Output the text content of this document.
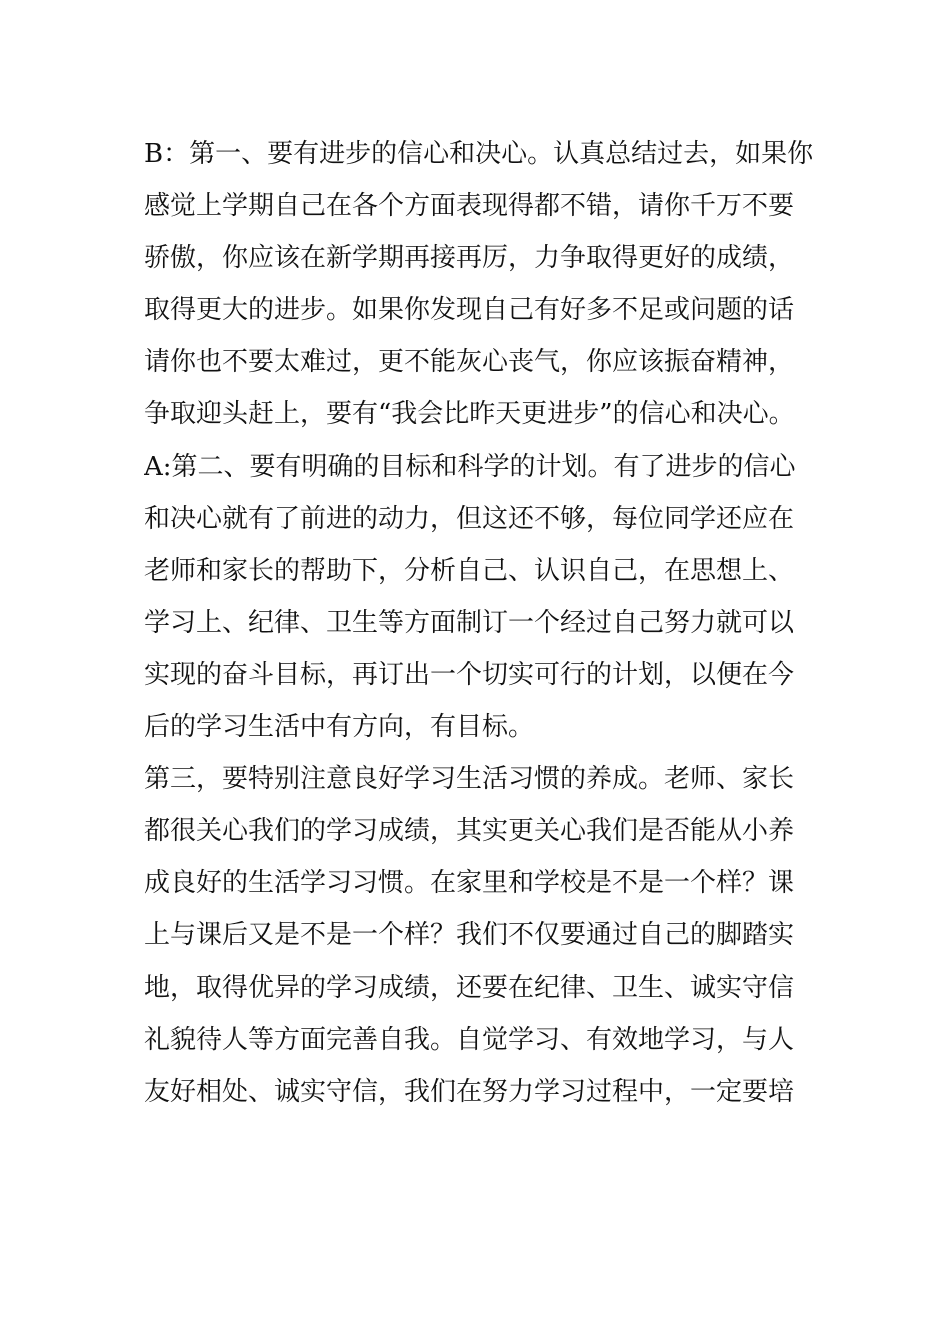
B：第一、要有进步的信心和决心。认真总结过去，如果你
感觉上学期自己在各个方面表现得都不错，请你千万不要
骄傲，你应该在新学期再接再厉，力争取得更好的成绩，
取得更大的进步。如果你发现自己有好多不足或问题的话
请你也不要太难过，更不能灰心丧气，你应该振奋精神，
争取迎头赶上，要有“我会比昨天更进步”的信心和决心。
A:第二、要有明确的目标和科学的计划。有了进步的信心
和决心就有了前进的动力，但这还不够，每位同学还应在
老师和家长的帮助下，分析自己、认识自己，在思想上、
学习上、纪律、卫生等方面制订一个经过自己努力就可以
实现的奋斗目标，再订出一个切实可行的计划，以便在今
后的学习生活中有方向，有目标。
第三，要特别注意良好学习生活习惯的养成。老师、家长
都很关心我们的学习成绩，其实更关心我们是否能从小养
成良好的生活学习习惯。在家里和学校是不是一个样？课
上与课后又是不是一个样？我们不仅要通过自己的脚踏实
地，取得优异的学习成绩，还要在纪律、卫生、诚实守信
礼貌待人等方面完善自我。自觉学习、有效地学习，与人
友好相处、诚实守信，我们在努力学习过程中，一定要培
